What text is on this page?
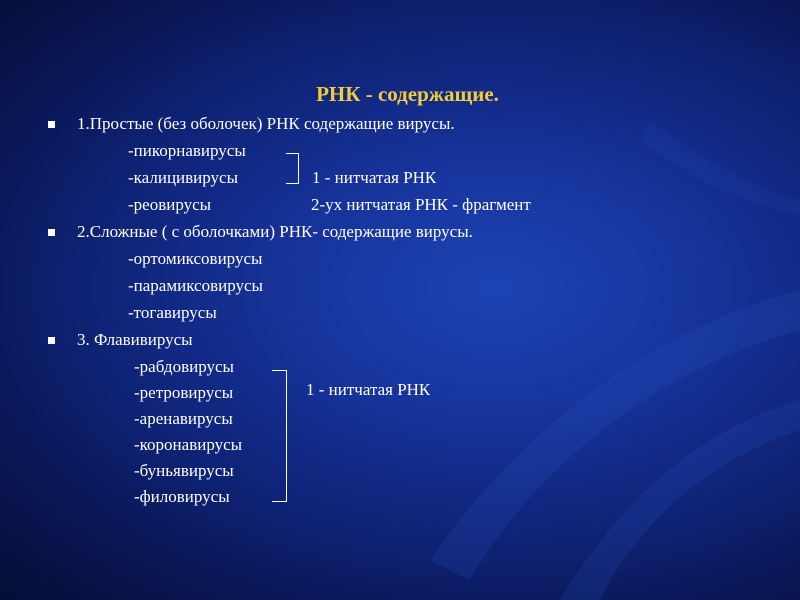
РНК - содержащие.
1.Простые (без оболочек) РНК содержащие вирусы.
-пикорнавирусы
-калицивирусы
-реовирусы
1 - нитчатая РНК
2-ух нитчатая РНК - фрагмент
2.Сложные ( с оболочками) РНК- содержащие вирусы.
-ортомиксовирусы
-парамиксовирусы
-тогавирусы
3. Флавивирусы
-рабдовирусы
-ретровирусы
-аренавирусы
-коронавирусы
-буньявирусы
-филовирусы
1 - нитчатая РНК
